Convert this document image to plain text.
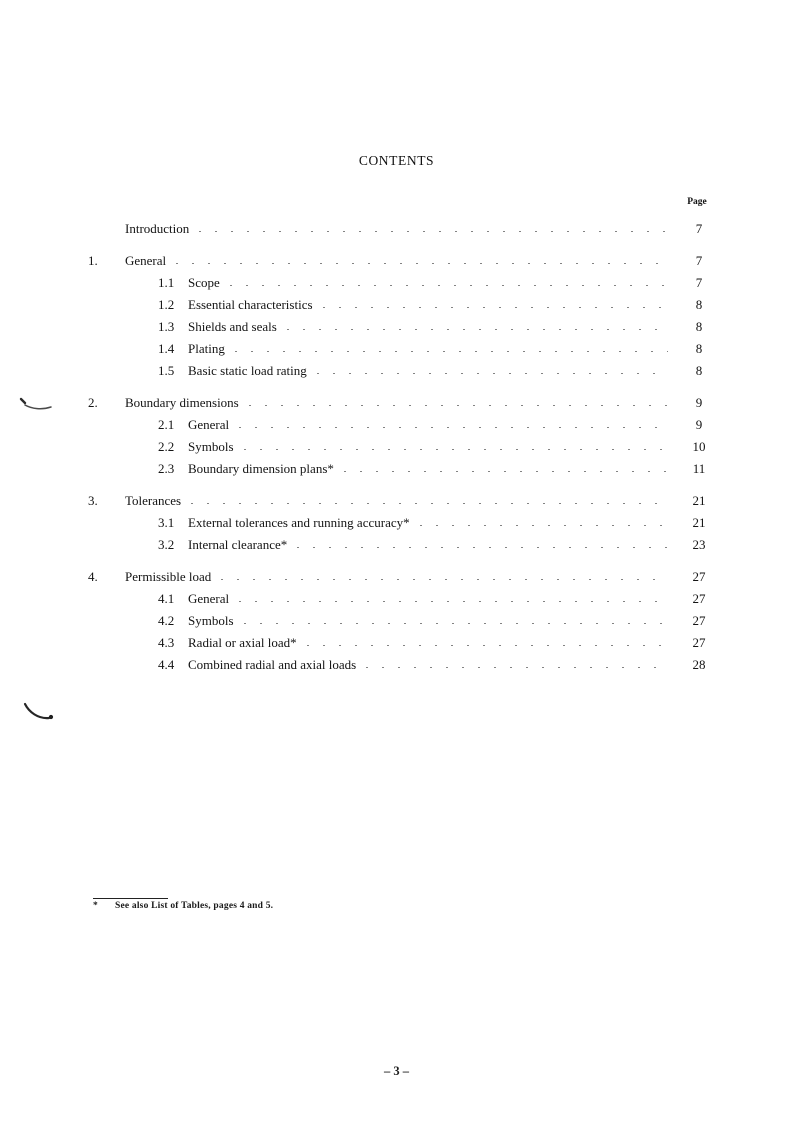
CONTENTS
Page
Introduction	7
1.	General	7
1.1	Scope	7
1.2	Essential characteristics	8
1.3	Shields and seals	8
1.4	Plating	8
1.5	Basic static load rating	8
2.	Boundary dimensions	9
2.1	General	9
2.2	Symbols	10
2.3	Boundary dimension plans*	11
3.	Tolerances	21
3.1	External tolerances and running accuracy*	21
3.2	Internal clearance*	23
4.	Permissible load	27
4.1	General	27
4.2	Symbols	27
4.3	Radial or axial load*	27
4.4	Combined radial and axial loads	28
* See also List of Tables, pages 4 and 5.
– 3 –
